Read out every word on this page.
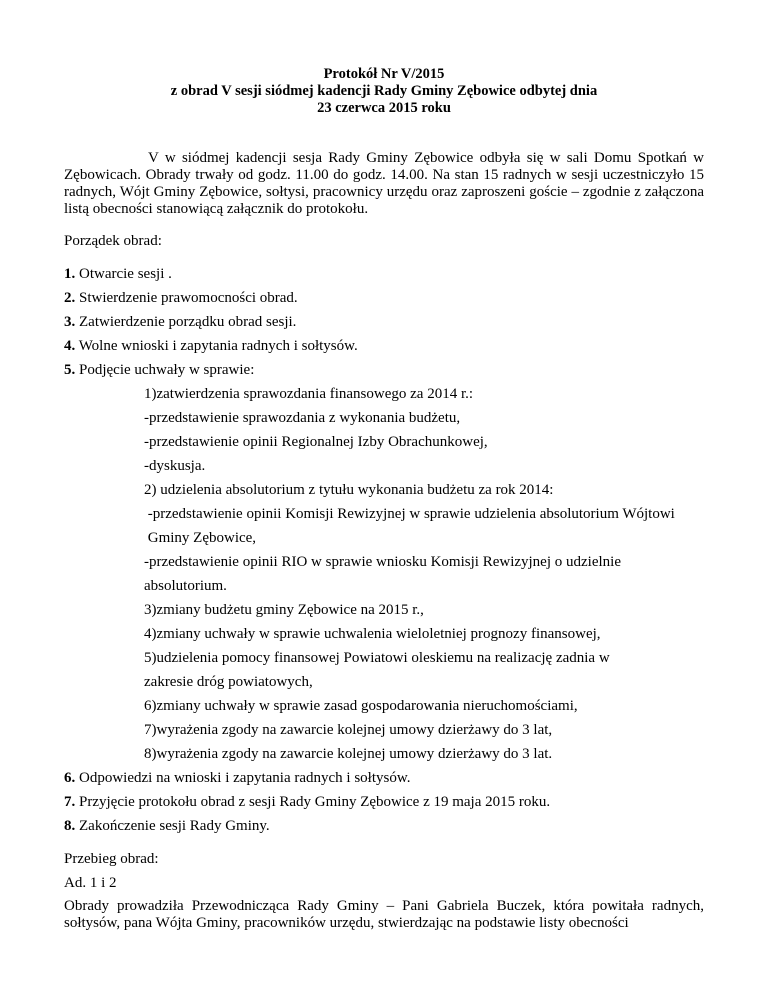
Protokół Nr V/2015
z obrad V sesji siódmej kadencji Rady Gminy Zębowice odbytej dnia
23 czerwca 2015 roku
V w siódmej kadencji sesja Rady Gminy Zębowice odbyła się w sali Domu Spotkań w Zębowicach. Obrady trwały od godz. 11.00 do godz. 14.00. Na stan 15 radnych w sesji uczestniczyło 15 radnych, Wójt Gminy Zębowice, sołtysi, pracownicy urzędu oraz zaproszeni goście – zgodnie z załączona listą obecności stanowiącą załącznik do protokołu.
Porządek obrad:
1. Otwarcie sesji .
2. Stwierdzenie prawomocności obrad.
3. Zatwierdzenie porządku obrad sesji.
4. Wolne wnioski i zapytania radnych i sołtysów.
5. Podjęcie uchwały w sprawie:
1)zatwierdzenia sprawozdania finansowego za 2014 r.:
-przedstawienie sprawozdania z wykonania budżetu,
-przedstawienie opinii Regionalnej Izby Obrachunkowej,
-dyskusja.
2) udzielenia absolutorium z tytułu wykonania budżetu za rok 2014:
-przedstawienie opinii Komisji Rewizyjnej w sprawie udzielenia absolutorium Wójtowi
Gminy Zębowice,
-przedstawienie opinii RIO w sprawie wniosku Komisji Rewizyjnej o udzielnie
absolutorium.
3)zmiany budżetu gminy Zębowice na 2015 r.,
4)zmiany uchwały w sprawie uchwalenia wieloletniej prognozy finansowej,
5)udzielenia pomocy finansowej Powiatowi oleskiemu na realizację zadnia w
zakresie dróg powiatowych,
6)zmiany uchwały w sprawie zasad gospodarowania nieruchomościami,
7)wyrażenia zgody na zawarcie kolejnej umowy dzierżawy do 3 lat,
8)wyrażenia zgody na zawarcie kolejnej umowy dzierżawy do 3 lat.
6. Odpowiedzi na wnioski i zapytania radnych i sołtysów.
7. Przyjęcie protokołu obrad z sesji Rady Gminy Zębowice z 19 maja 2015 roku.
8. Zakończenie sesji Rady Gminy.
Przebieg obrad:
Ad. 1 i 2
Obrady prowadziła Przewodnicząca Rady Gminy – Pani Gabriela Buczek, która powitała radnych, sołtysów, pana Wójta Gminy, pracowników urzędu, stwierdzając na podstawie listy obecności
